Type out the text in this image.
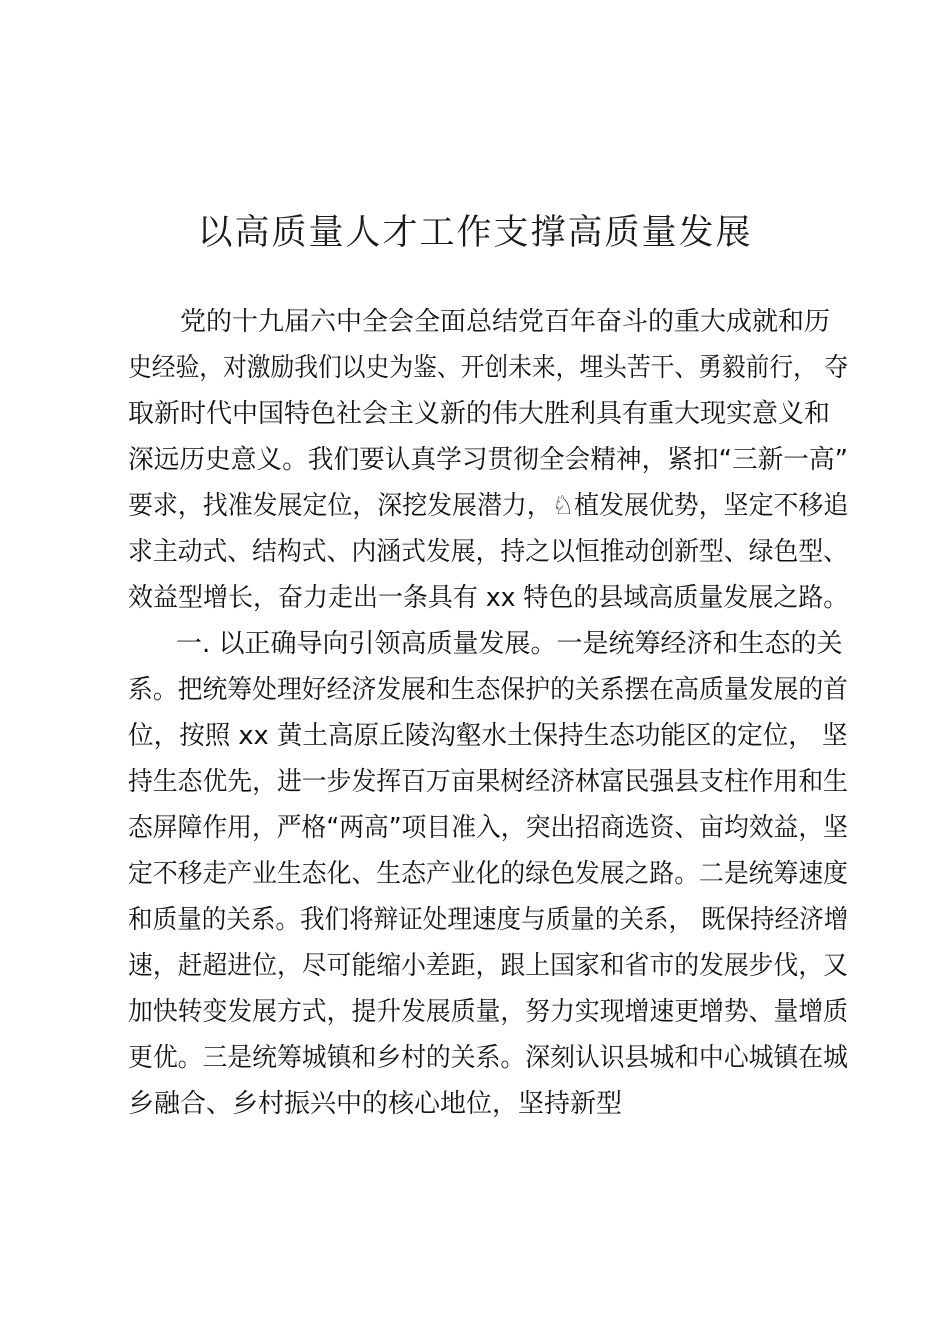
以高质量人才工作支撑高质量发展
党的十九届六中全会全面总结党百年奋斗的重大成就和历
史经验，对激励我们以史为鉴、开创未来，埋头苦干、勇毅前行， 夺
取新时代中国特色社会主义新的伟大胜利具有重大现实意义和
深远历史意义。我们要认真学习贯彻全会精神，紧扣“三新一高”
要求，找准发展定位，深挖发展潜力，♘植发展优势，坚定不移追
求主动式、结构式、内涵式发展，持之以恒推动创新型、绿色型、
效益型增长，奋力走出一条具有 xx 特色的县域高质量发展之路。
一. 以正确导向引领高质量发展。一是统筹经济和生态的关
系。把统筹处理好经济发展和生态保护的关系摆在高质量发展的首
位，按照 xx 黄土高原丘陵沟壑水土保持生态功能区的定位， 坚
持生态优先，进一步发挥百万亩果树经济林富民强县支柱作用和生
态屏障作用，严格“两高”项目准入，突出招商选资、亩均效益，坚
定不移走产业生态化、生态产业化的绿色发展之路。二是统筹速度
和质量的关系。我们将辩证处理速度与质量的关系， 既保持经济增
速，赶超进位，尽可能缩小差距，跟上国家和省市的发展步伐，又
加快转变发展方式，提升发展质量，努力实现增速更增势、量增质
更优。三是统筹城镇和乡村的关系。深刻认识县城和中心城镇在城
乡融合、乡村振兴中的核心地位，坚持新型
